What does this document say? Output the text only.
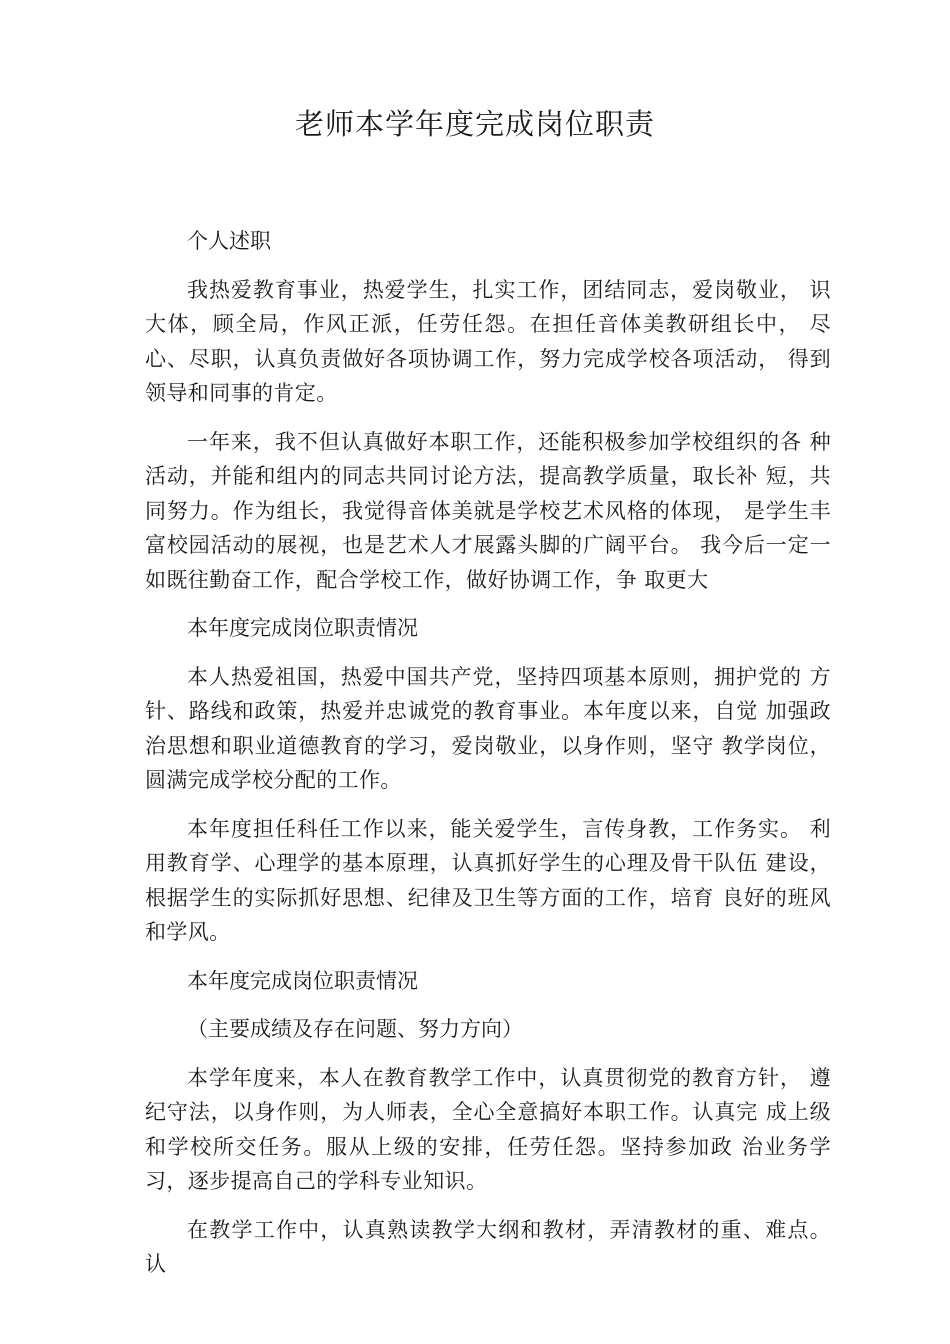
老师本学年度完成岗位职责
个人述职
我热爱教育事业，热爱学生，扎实工作，团结同志，爱岗敬业， 识大体，顾全局，作风正派，任劳任怨。在担任音体美教研组长中， 尽心、尽职，认真负责做好各项协调工作，努力完成学校各项活动， 得到领导和同事的肯定。
一年来，我不但认真做好本职工作，还能积极参加学校组织的各 种活动，并能和组内的同志共同讨论方法，提高教学质量，取长补 短，共同努力。作为组长，我觉得音体美就是学校艺术风格的体现， 是学生丰富校园活动的展视，也是艺术人才展露头脚的广阔平台。 我今后一定一如既往勤奋工作，配合学校工作，做好协调工作，争 取更大
本年度完成岗位职责情况
本人热爱祖国，热爱中国共产党，坚持四项基本原则，拥护党的 方针、路线和政策，热爱并忠诚党的教育事业。本年度以来，自觉 加强政治思想和职业道德教育的学习，爱岗敬业，以身作则，坚守 教学岗位，圆满完成学校分配的工作。
本年度担任科任工作以来，能关爱学生，言传身教，工作务实。 利用教育学、心理学的基本原理，认真抓好学生的心理及骨干队伍 建设，根据学生的实际抓好思想、纪律及卫生等方面的工作，培育 良好的班风和学风。
本年度完成岗位职责情况
（主要成绩及存在问题、努力方向）
本学年度来，本人在教育教学工作中，认真贯彻党的教育方针， 遵纪守法，以身作则，为人师表，全心全意搞好本职工作。认真完 成上级和学校所交任务。服从上级的安排，任劳任怨。坚持参加政 治业务学习，逐步提高自己的学科专业知识。
在教学工作中，认真熟读教学大纲和教材，弄清教材的重、难点。 认
